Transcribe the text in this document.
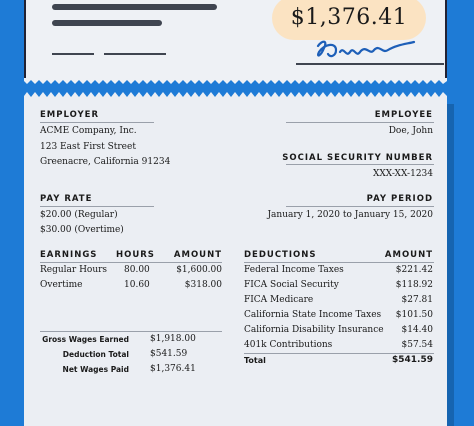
$1,376.41
EMPLOYER
ACME Company, Inc.
123 East First Street
Greenacre, California 91234
EMPLOYEE
Doe, John
SOCIAL SECURITY NUMBER
XXX-XX-1234
PAY RATE
$20.00 (Regular)
$30.00 (Overtime)
PAY PERIOD
January 1, 2020 to January 15, 2020
EARNINGS HOURS AMOUNT
Regular Hours 80.00	$1,600.00
Overtime	10.60	$318.00
DEDUCTIONS	AMOUNT
Federal Income Taxes	$221.42
FICA Social Security	$118.92
FICA Medicare	$27.81
California State Income Taxes $101.50
California Disability Insurance $14.40
401k Contributions	$57.54
Total	$541.59
Gross Wages Earned $1,918.00
Deduction Total $541.59
Net Wages Paid $1,376.41
